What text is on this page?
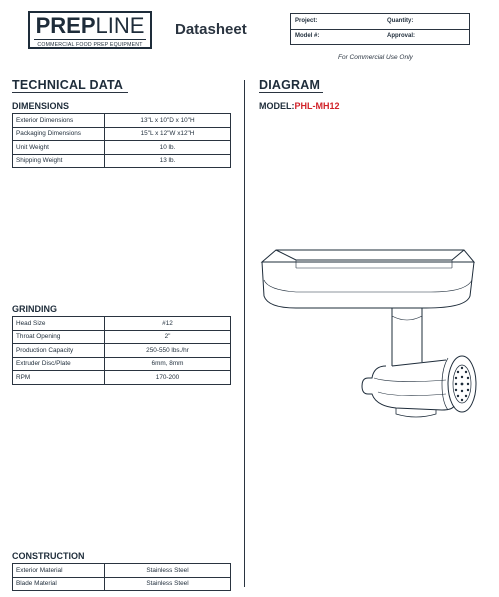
PREPLINE
COMMERCIAL FOOD PREP EQUIPMENT
Datasheet	Project:	Quantity:
Model #:	Approval:
For Commercial Use Only
TECHNICAL DATA	DIAGRAM
DIMENSIONS
Exterior Dimensions	13"L x 10"D x 10"H
Packaging Dimensions	15"L x 12"W x12"H
Unit Weight	10 lb.
Shipping Weight	13 lb.
GRINDING
Head Size	#12
Throat Opening	2"
Production Capacity	250-550 lbs./hr
Extruder Disc/Plate	6mm, 8mm
RPM	170-200
CONSTRUCTION
Exterior Material	Stainless Steel
Blade Material	Stainless Steel
MODEL:PHL-MH12
